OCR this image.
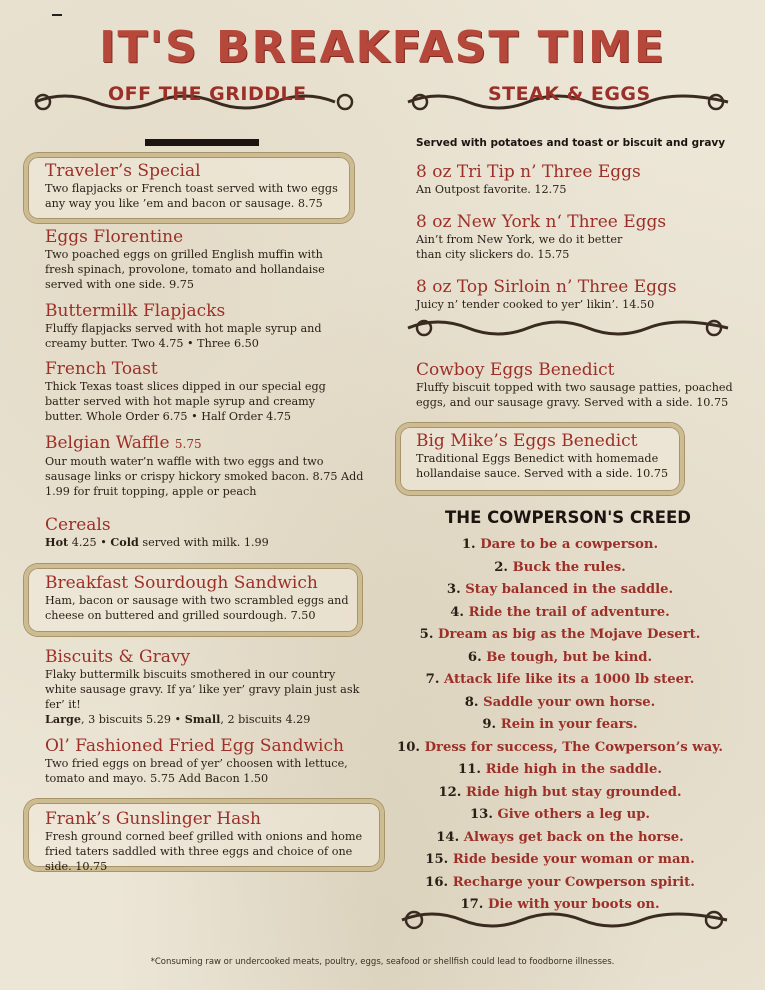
IT'S BREAKFAST TIME
OFF THE GRIDDLE	STEAK & EGGS
Served with potatoes and toast or biscuit and gravy
Traveler’s Special
Two flapjacks or French toast served with two eggs any way you like ’em and bacon or sausage. 8.75
Eggs Florentine
Two poached eggs on grilled English muffin with fresh spinach, provolone, tomato and hollandaise served with one side. 9.75
Buttermilk Flapjacks
Fluffy flapjacks served with hot maple syrup and creamy butter. Two 4.75 • Three 6.50
French Toast
Thick Texas toast slices dipped in our special egg batter served with hot maple syrup and creamy butter. Whole Order 6.75 • Half Order 4.75
Belgian Waffle 5.75
Our mouth water’n waffle with two eggs and two sausage links or crispy hickory smoked bacon. 8.75 Add 1.99 for fruit topping, apple or peach
Cereals
Hot 4.25 • Cold served with milk. 1.99
Breakfast Sourdough Sandwich
Ham, bacon or sausage with two scrambled eggs and cheese on buttered and grilled sourdough. 7.50
Biscuits & Gravy
Flaky buttermilk biscuits smothered in our country white sausage gravy. If ya’ like yer’ gravy plain just ask fer’ it!
Large, 3 biscuits 5.29 • Small, 2 biscuits 4.29
Ol’ Fashioned Fried Egg Sandwich
Two fried eggs on bread of yer’ choosen with lettuce, tomato and mayo. 5.75 Add Bacon 1.50
Frank’s Gunslinger Hash
Fresh ground corned beef grilled with onions and home fried taters saddled with three eggs and choice of one side. 10.75
8 oz Tri Tip n’ Three Eggs
An Outpost favorite. 12.75
8 oz New York n‘ Three Eggs
Ain’t from New York, we do it better than city slickers do. 15.75
8 oz Top Sirloin n’ Three Eggs
Juicy n’ tender cooked to yer’ likin’. 14.50
Cowboy Eggs Benedict
Fluffy biscuit topped with two sausage patties, poached eggs, and our sausage gravy. Served with a side. 10.75
Big Mike’s Eggs Benedict
Traditional Eggs Benedict with homemade hollandaise sauce. Served with a side. 10.75
THE COWPERSON'S CREED
1. Dare to be a cowperson.
2. Buck the rules.
3. Stay balanced in the saddle.
4. Ride the trail of adventure.
5. Dream as big as the Mojave Desert.
6. Be tough, but be kind.
7. Attack life like its a 1000 lb steer.
8. Saddle your own horse.
9. Rein in your fears.
10. Dress for success, The Cowperson’s way.
11. Ride high in the saddle.
12. Ride high but stay grounded.
13. Give others a leg up.
14. Always get back on the horse.
15. Ride beside your woman or man.
16. Recharge your Cowperson spirit.
17. Die with your boots on.
*Consuming raw or undercooked meats, poultry, eggs, seafood or shellfish could lead to foodborne illnesses.
